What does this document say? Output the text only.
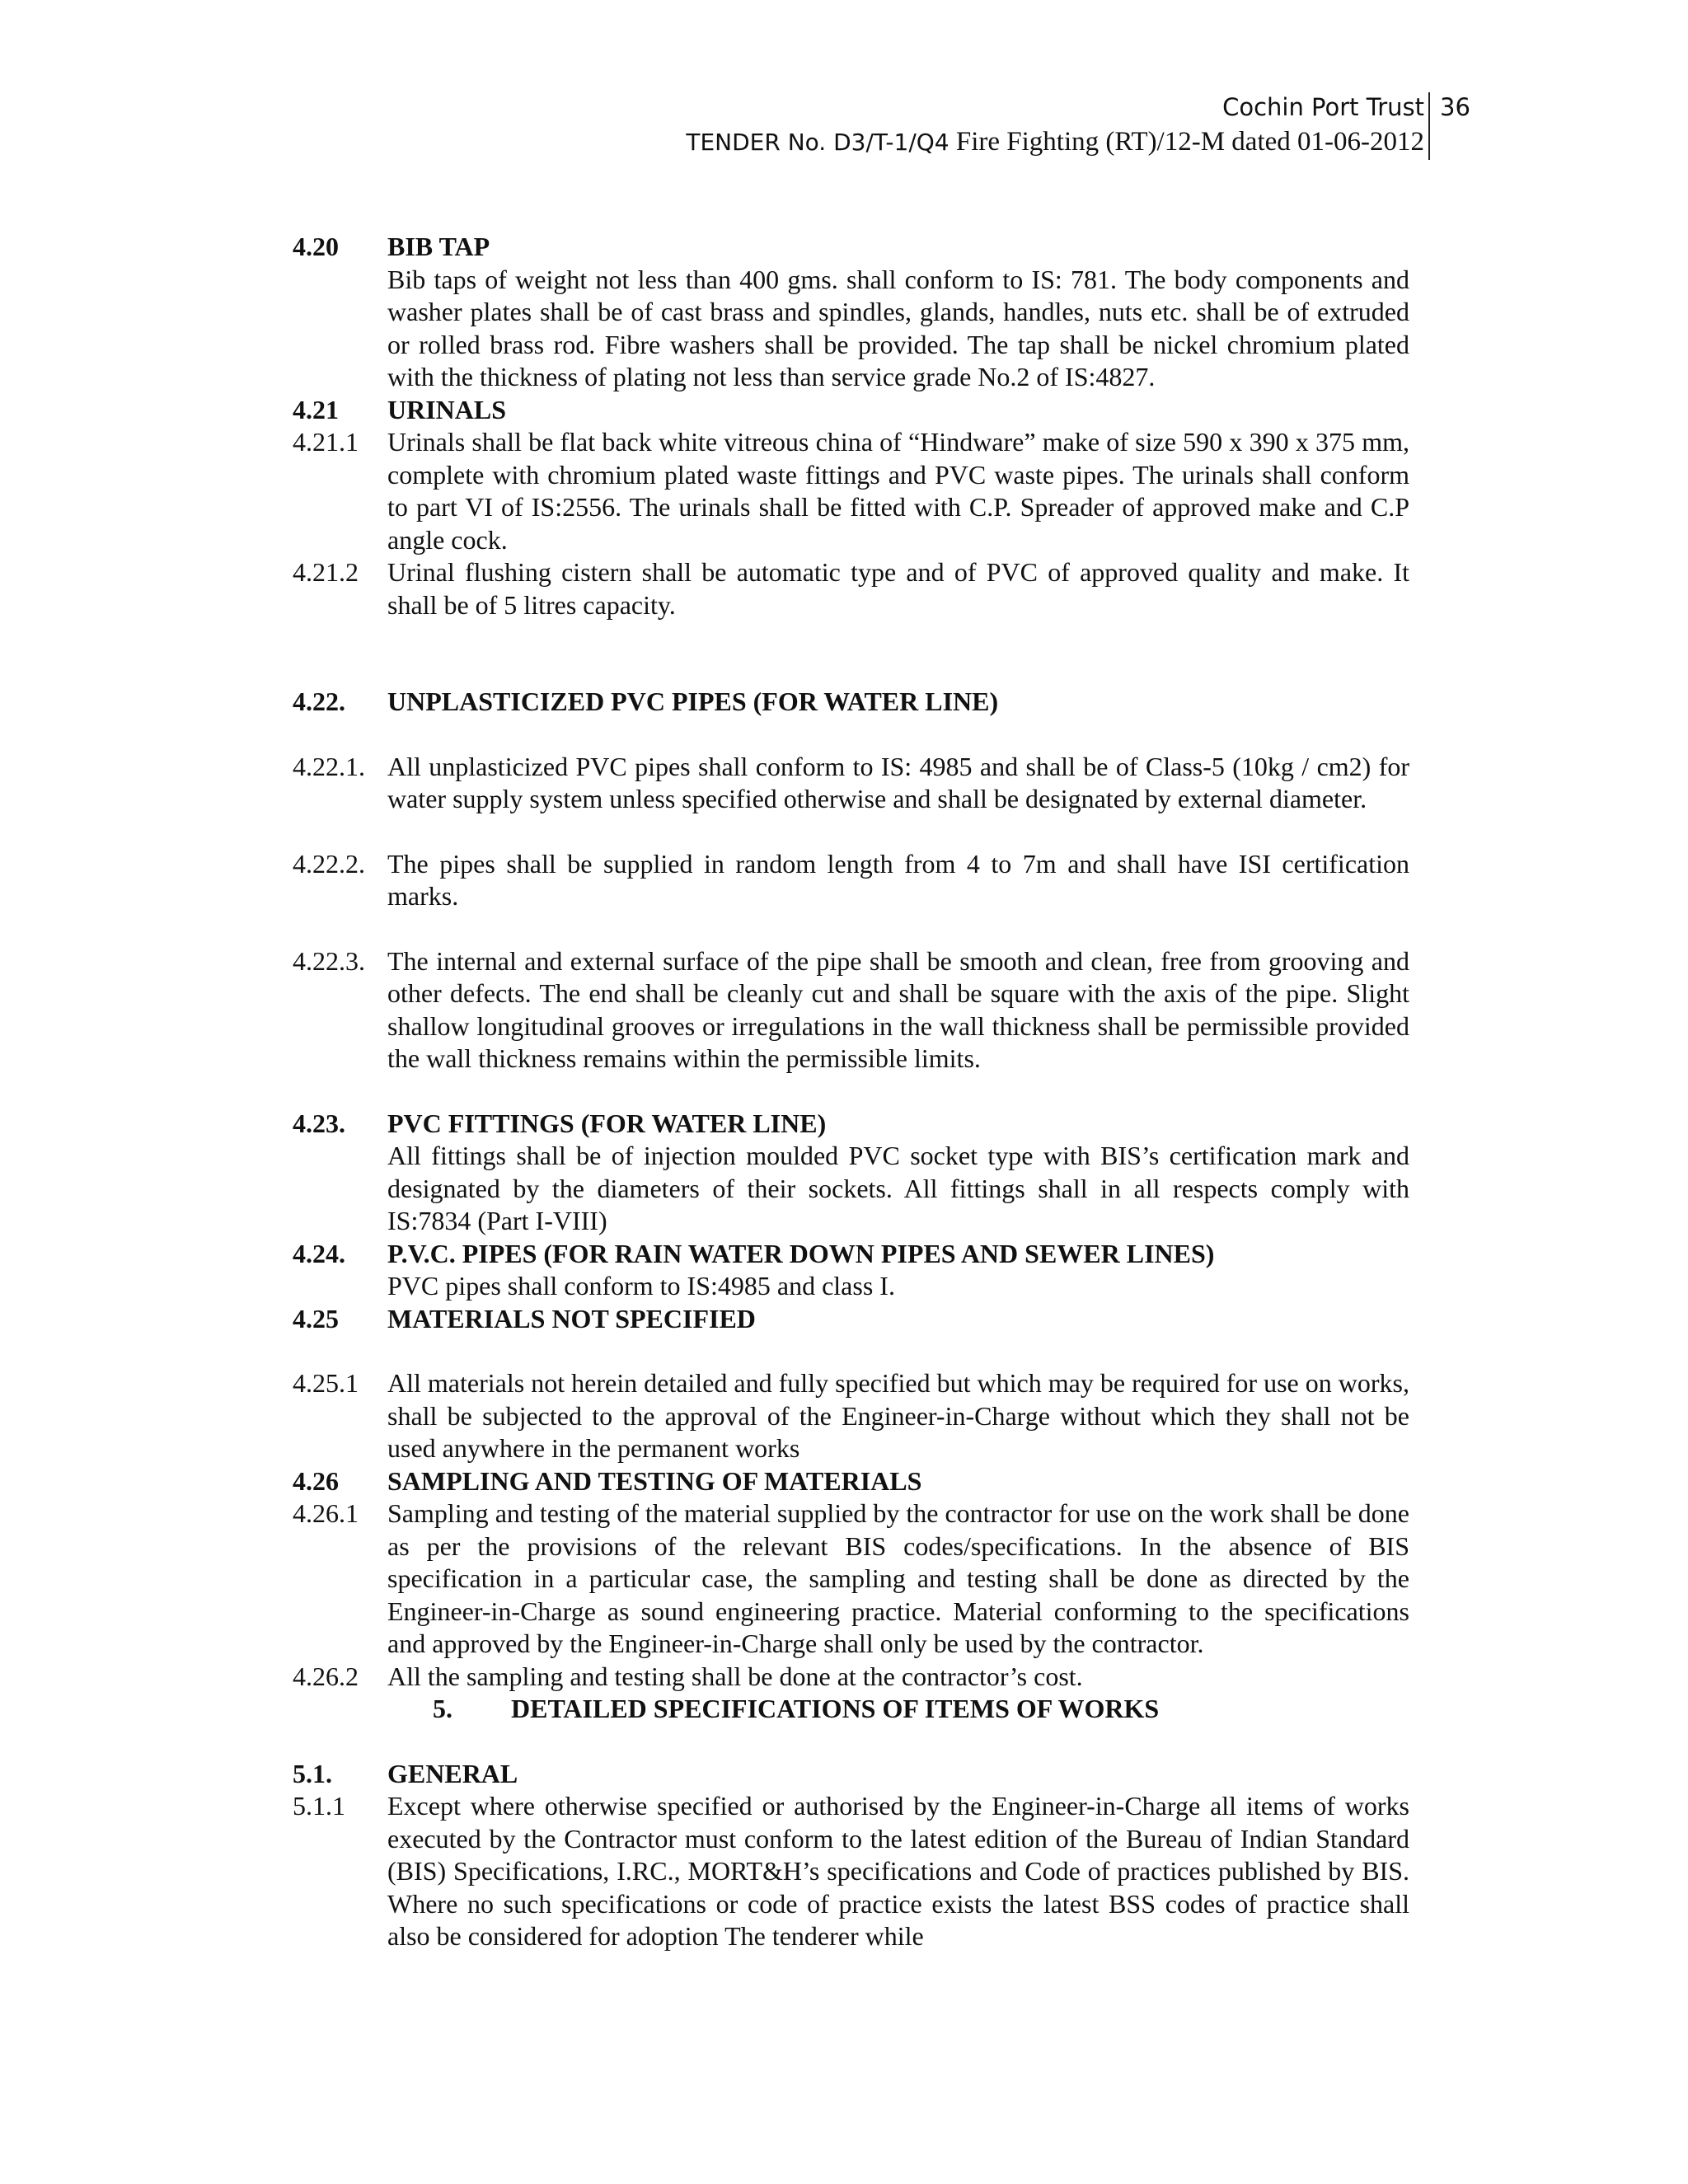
Cochin Port Trust
TENDER No. D3/T-1/Q4 Fire Fighting (RT)/12-M dated 01-06-2012
36
4.20	BIB TAP
Bib taps of weight not less than 400 gms. shall conform to IS: 781. The body components and washer plates shall be of cast brass and spindles, glands, handles, nuts etc. shall be of extruded or rolled brass rod. Fibre washers shall be provided. The tap shall be nickel chromium plated with the thickness of plating not less than service grade No.2 of IS:4827.
4.21	URINALS
4.21.1	Urinals shall be flat back white vitreous china of “Hindware” make of size 590 x 390 x 375 mm, complete with chromium plated waste fittings and PVC waste pipes. The urinals shall conform to part VI of IS:2556. The urinals shall be fitted with C.P. Spreader of approved make and C.P angle cock.
4.21.2	Urinal flushing cistern shall be automatic type and of PVC of approved quality and make. It shall be of 5 litres capacity.
4.22.	UNPLASTICIZED PVC PIPES (FOR WATER LINE)
4.22.1. All unplasticized PVC pipes shall conform to IS: 4985 and shall be of Class-5 (10kg / cm2) for water supply system unless specified otherwise and shall be designated by external diameter.
4.22.2. The pipes shall be supplied in random length from 4 to 7m and shall have ISI certification marks.
4.22.3. The internal and external surface of the pipe shall be smooth and clean, free from grooving and other defects. The end shall be cleanly cut and shall be square with the axis of the pipe. Slight shallow longitudinal grooves or irregulations in the wall thickness shall be permissible provided the wall thickness remains within the permissible limits.
4.23.	PVC FITTINGS (FOR WATER LINE)
All fittings shall be of injection moulded PVC socket type with BIS’s certification mark and designated by the diameters of their sockets. All fittings shall in all respects comply with IS:7834 (Part I-VIII)
4.24.	P.V.C. PIPES (FOR RAIN WATER DOWN PIPES AND SEWER LINES)
PVC pipes shall conform to IS:4985 and class I.
4.25	MATERIALS NOT SPECIFIED
4.25.1	All materials not herein detailed and fully specified but which may be required for use on works, shall be subjected to the approval of the Engineer-in-Charge without which they shall not be used anywhere in the permanent works
4.26	SAMPLING AND TESTING OF MATERIALS
4.26.1	Sampling and testing of the material supplied by the contractor for use on the work shall be done as per the provisions of the relevant BIS codes/specifications. In the absence of BIS specification in a particular case, the sampling and testing shall be done as directed by the Engineer-in-Charge as sound engineering practice. Material conforming to the specifications and approved by the Engineer-in-Charge shall only be used by the contractor.
4.26.2	All the sampling and testing shall be done at the contractor’s cost.
5. DETAILED SPECIFICATIONS OF ITEMS OF WORKS
5.1.	GENERAL
5.1.1	Except where otherwise specified or authorised by the Engineer-in-Charge all items of works executed by the Contractor must conform to the latest edition of the Bureau of Indian Standard (BIS) Specifications, I.RC., MORT&H’s specifications and Code of practices published by BIS. Where no such specifications or code of practice exists the latest BSS codes of practice shall also be considered for adoption The tenderer while
